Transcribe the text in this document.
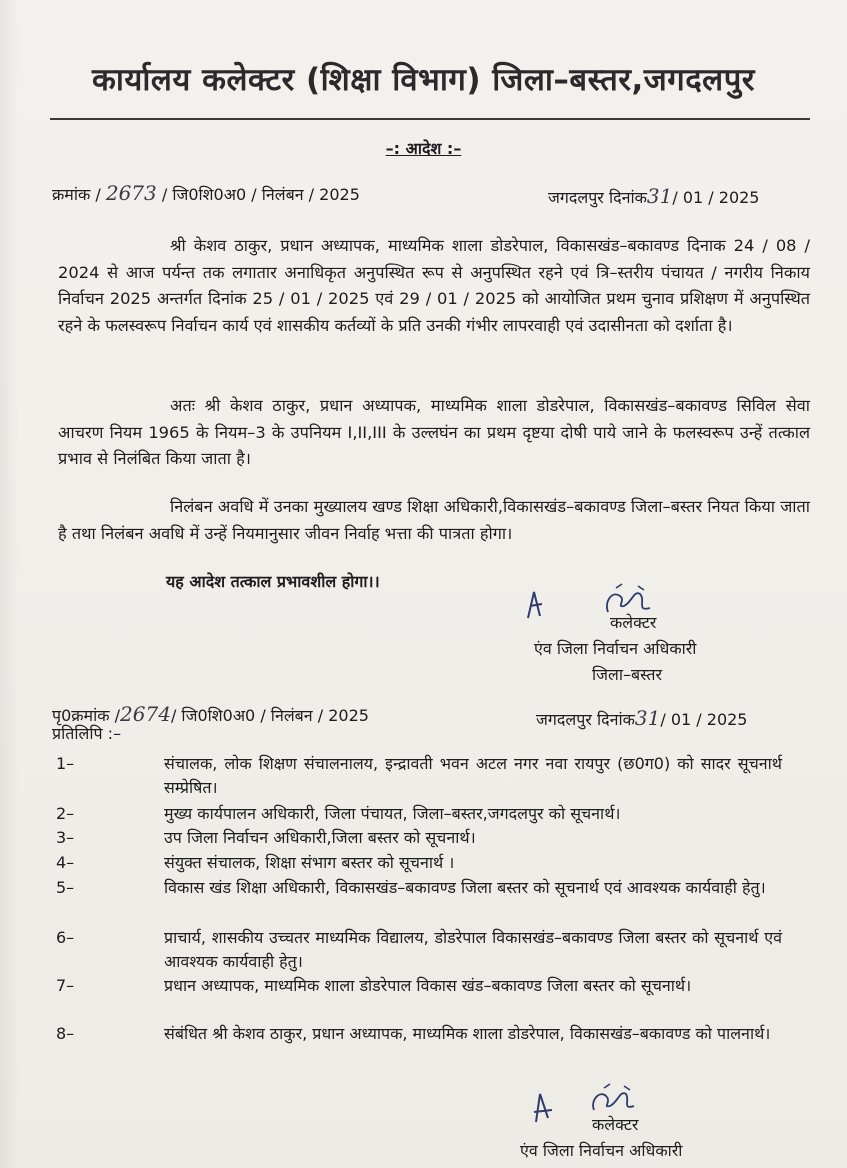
कार्यालय कलेक्टर (शिक्षा विभाग) जिला–बस्तर,जगदलपुर
–: आदेश :–
क्रमांक / 2673 / जि0शि0अ0 / निलंबन / 2025	जगदलपुर दिनांक31/ 01 / 2025
श्री केशव ठाकुर, प्रधान अध्यापक, माध्यमिक शाला डोडरेपाल, विकासखंड–बकावण्ड दिनाक 24 / 08 / 2024 से आज पर्यन्त तक लगातार अनाधिकृत अनुपस्थित रूप से अनुपस्थित रहने एवं त्रि–स्तरीय पंचायत / नगरीय निकाय निर्वाचन 2025 अन्तर्गत दिनांक 25 / 01 / 2025 एवं 29 / 01 / 2025 को आयोजित प्रथम चुनाव प्रशिक्षण में अनुपस्थित रहने के फलस्वरूप निर्वाचन कार्य एवं शासकीय कर्तव्यों के प्रति उनकी गंभीर लापरवाही एवं उदासीनता को दर्शाता है।
अतः श्री केशव ठाकुर, प्रधान अध्यापक, माध्यमिक शाला डोडरेपाल, विकासखंड–बकावण्ड सिविल सेवा आचरण नियम 1965 के नियम–3 के उपनियम I,II,III के उल्लघंन का प्रथम दृष्टया दोषी पाये जाने के फलस्वरूप उन्हें तत्काल प्रभाव से निलंबित किया जाता है।
निलंबन अवधि में उनका मुख्यालय खण्ड शिक्षा अधिकारी,विकासखंड–बकावण्ड जिला–बस्तर नियत किया जाता है तथा निलंबन अवधि में उन्हें नियमानुसार जीवन निर्वाह भत्ता की पात्रता होगा।
यह आदेश तत्काल प्रभावशील होगा।।
कलेक्टर
एंव जिला निर्वाचन अधिकारी
जिला–बस्तर
पृ0क्रमांक /2674/ जि0शि0अ0 / निलंबन / 2025	जगदलपुर दिनांक31/ 01 / 2025
प्रतिलिपि :–
1–	संचालक, लोक शिक्षण संचालनालय, इन्द्रावती भवन अटल नगर नवा रायपुर (छ0ग0) को सादर सूचनार्थ सम्प्रेषित।
2–	मुख्य कार्यपालन अधिकारी, जिला पंचायत, जिला–बस्तर,जगदलपुर को सूचनार्थ।
3–	उप जिला निर्वाचन अधिकारी,जिला बस्तर को सूचनार्थ।
4–	संयुक्त संचालक, शिक्षा संभाग बस्तर को सूचनार्थ ।
5–	विकास खंड शिक्षा अधिकारी, विकासखंड–बकावण्ड जिला बस्तर को सूचनार्थ एवं आवश्यक कार्यवाही हेतु।
6–	प्राचार्य, शासकीय उच्चतर माध्यमिक विद्यालय, डोडरेपाल विकासखंड–बकावण्ड जिला बस्तर को सूचनार्थ एवं आवश्यक कार्यवाही हेतु।
7–	प्रधान अध्यापक, माध्यमिक शाला डोडरेपाल विकास खंड–बकावण्ड जिला बस्तर को सूचनार्थ।
8–	संबंधित श्री केशव ठाकुर, प्रधान अध्यापक, माध्यमिक शाला डोडरेपाल, विकासखंड–बकावण्ड को पालनार्थ।
कलेक्टर
एंव जिला निर्वाचन अधिकारी
